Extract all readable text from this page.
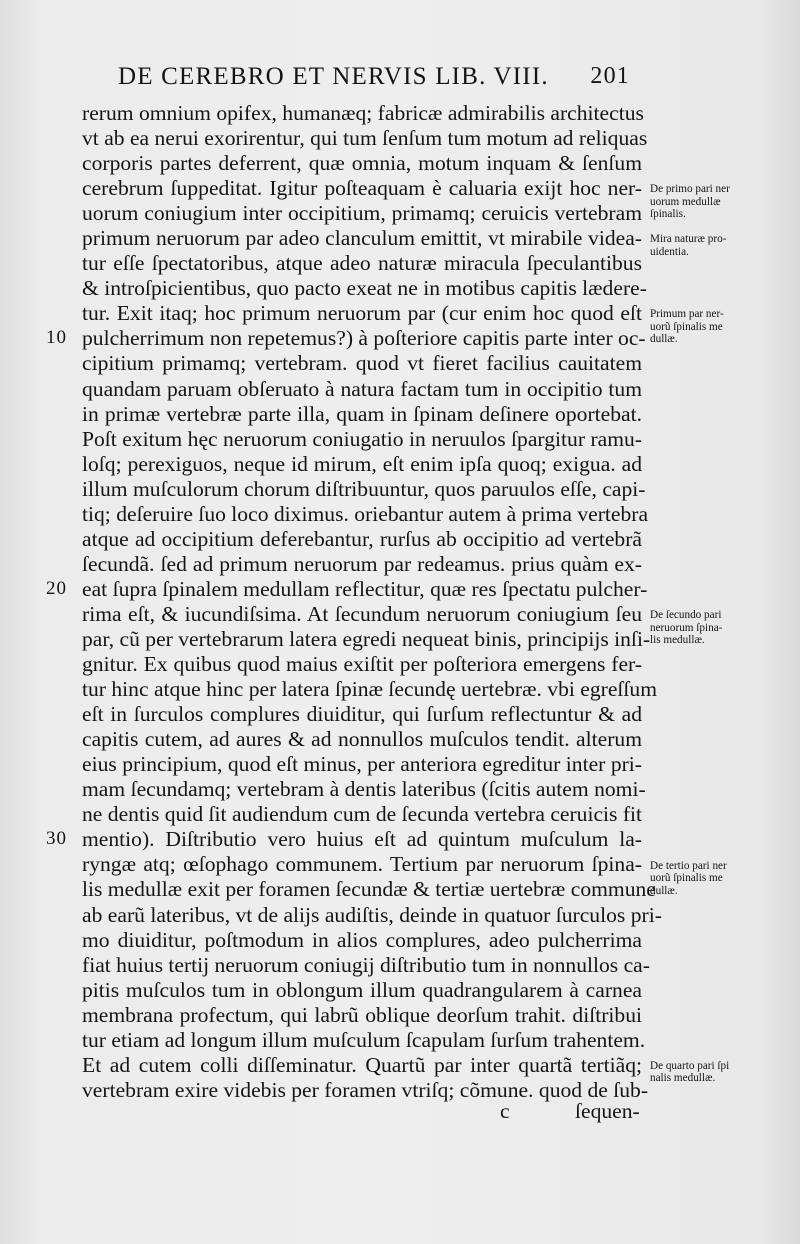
DE CEREBRO ET NERVIS LIB. VIII. 201
rerum omnium opifex, humanæq; fabricæ admirabilis architectus
vt ab ea nerui exorirentur, qui tum ſenſum tum motum ad reliquas
corporis partes deferrent, quæ omnia, motum inquam & ſenſum
cerebrum ſuppeditat. Igitur poſteaquam è caluaria exijt hoc ner-
uorum coniugium inter occipitium, primamq; ceruicis vertebram
primum neruorum par adeo clanculum emittit, vt mirabile videa-
tur eſſe ſpectatoribus, atque adeo naturæ miracula ſpeculantibus
& introſpicientibus, quo pacto exeat ne in motibus capitis lædere-
tur. Exit itaq; hoc primum neruorum par (cur enim hoc quod eſt
pulcherrimum non repetemus?) à poſteriore capitis parte inter oc-
cipitium primamq; vertebram. quod vt fieret facilius cauitatem
quandam paruam obſeruato à natura factam tum in occipitio tum
in primæ vertebræ parte illa, quam in ſpinam deſinere oportebat.
Poſt exitum hęc neruorum coniugatio in neruulos ſpargitur ramu-
loſq; perexiguos, neque id mirum, eſt enim ipſa quoq; exigua. ad
illum muſculorum chorum diſtribuuntur, quos paruulos eſſe, capi-
tiq; deſeruire ſuo loco diximus. oriebantur autem à prima vertebra
atque ad occipitium deferebantur, rurſus ab occipitio ad vertebrã
ſecundã. ſed ad primum neruorum par redeamus. prius quàm ex-
eat ſupra ſpinalem medullam reflectitur, quæ res ſpectatu pulcher-
rima eſt, & iucundiſsima. At ſecundum neruorum coniugium ſeu
par, cũ per vertebrarum latera egredi nequeat binis, principijs inſi-
gnitur. Ex quibus quod maius exiſtit per poſteriora emergens fer-
tur hinc atque hinc per latera ſpinæ ſecundę uertebræ. vbi egreſſum
eſt in ſurculos complures diuiditur, qui ſurſum reflectuntur & ad
capitis cutem, ad aures & ad nonnullos muſculos tendit. alterum
eius principium, quod eſt minus, per anteriora egreditur inter pri-
mam ſecundamq; vertebram à dentis lateribus (ſcitis autem nomi-
ne dentis quid ſit audiendum cum de ſecunda vertebra ceruicis fit
mentio). Diſtributio vero huius eſt ad quintum muſculum la-
ryngæ atq; œſophago communem. Tertium par neruorum ſpina-
lis medullæ exit per foramen ſecundæ & tertiæ uertebræ commune
ab earũ lateribus, vt de alijs audiſtis, deinde in quatuor ſurculos pri-
mo diuiditur, poſtmodum in alios complures, adeo pulcherrima
fiat huius tertij neruorum coniugij diſtributio tum in nonnullos ca-
pitis muſculos tum in oblongum illum quadrangularem à carnea
membrana profectum, qui labrũ oblique deorſum trahit. diſtribui
tur etiam ad longum illum muſculum ſcapulam ſurſum trahentem.
Et ad cutem colli diſſeminatur. Quartũ par inter quartã tertiãq;
vertebram exire videbis per foramen vtriſq; cõmune. quod de ſub-
10
20
30
De primo pari ner
uorum medullæ
ſpinalis.
Mira naturæ pro-
uidentia.
Primum par ner-
uorũ ſpinalis me
dullæ.
De ſecundo pari
neruorum ſpina-
lis medullæ.
De tertio pari ner
uorũ ſpinalis me
dullæ.
De quarto pari ſpi
nalis medullæ.
c	ſequen-
